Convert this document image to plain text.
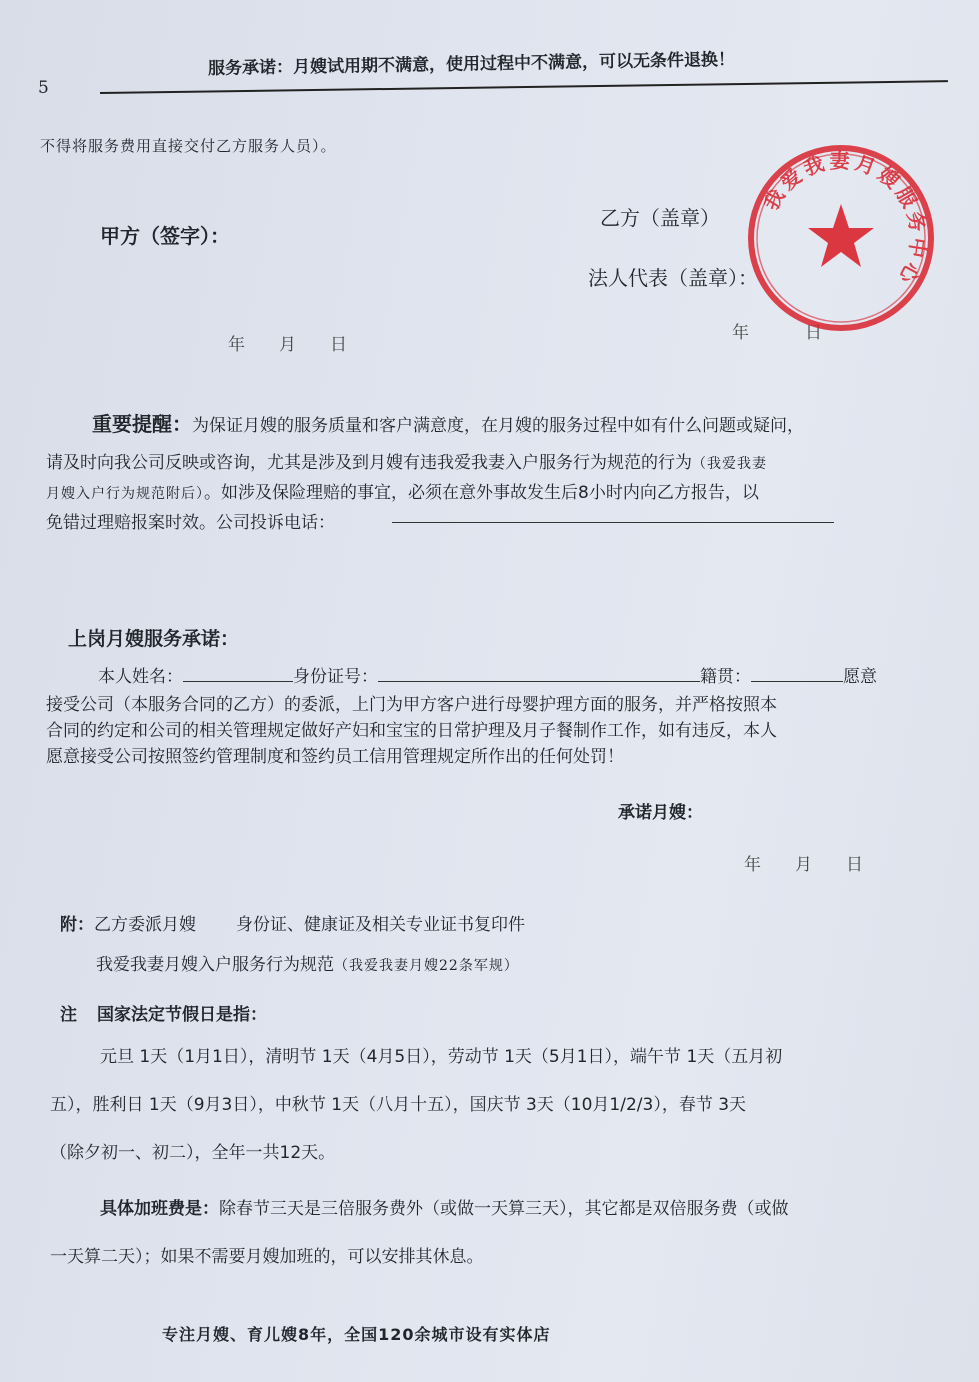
5
服务承诺：月嫂试用期不满意，使用过程中不满意，可以无条件退换！
不得将服务费用直接交付乙方服务人员）。
甲方（签字）：
乙方（盖章）
法人代表（盖章）：
年　　月　　日
年	日
我爱我妻月嫂服务中心
重要提醒：为保证月嫂的服务质量和客户满意度，在月嫂的服务过程中如有什么问题或疑问，
请及时向我公司反映或咨询，尤其是涉及到月嫂有违我爱我妻入户服务行为规范的行为（我爱我妻
月嫂入户行为规范附后）。如涉及保险理赔的事宜，必须在意外事故发生后8小时内向乙方报告，以
免错过理赔报案时效。公司投诉电话：
上岗月嫂服务承诺：
本人姓名：	身份证号：	籍贯：	愿意
接受公司（本服务合同的乙方）的委派，上门为甲方客户进行母婴护理方面的服务，并严格按照本
合同的约定和公司的相关管理规定做好产妇和宝宝的日常护理及月子餐制作工作，如有违反，本人
愿意接受公司按照签约管理制度和签约员工信用管理规定所作出的任何处罚！
承诺月嫂：
年　　月　　日
附：乙方委派月嫂 身份证、健康证及相关专业证书复印件
我爱我妻月嫂入户服务行为规范（我爱我妻月嫂22条军规）
注 国家法定节假日是指：
元旦 1天（1月1日），清明节 1天（4月5日），劳动节 1天（5月1日），端午节 1天（五月初
五），胜利日 1天（9月3日），中秋节 1天（八月十五），国庆节 3天（10月1/2/3），春节 3天
（除夕初一、初二），全年一共12天。
具体加班费是：除春节三天是三倍服务费外（或做一天算三天），其它都是双倍服务费（或做
一天算二天）；如果不需要月嫂加班的，可以安排其休息。
专注月嫂、育儿嫂8年，全国120余城市设有实体店
